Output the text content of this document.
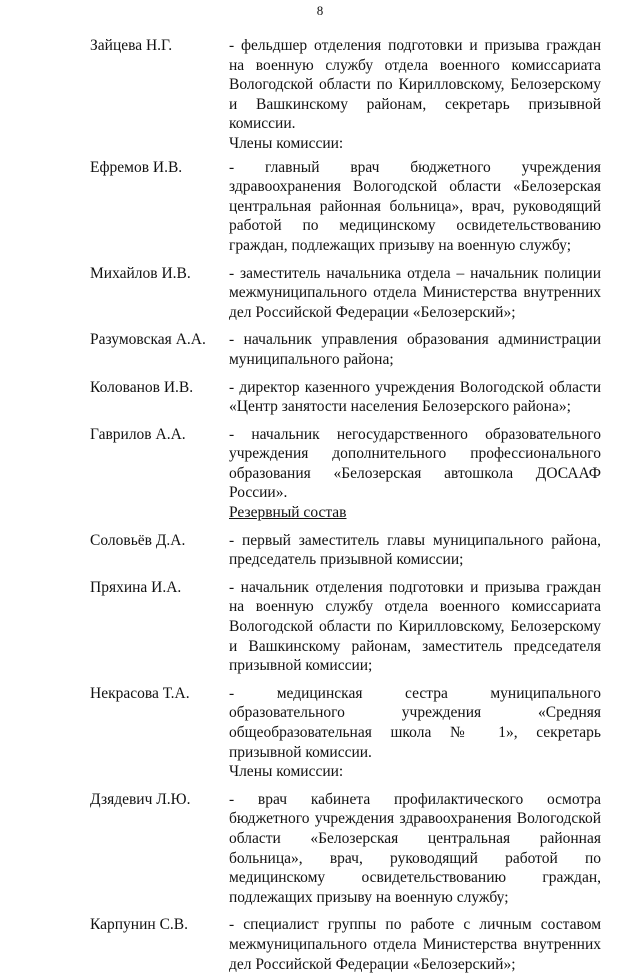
8
Зайцева Н.Г.	- фельдшер отделения подготовки и призыва граждан на военную службу отдела военного комиссариата Вологодской области по Кирилловскому, Белозерскому и Вашкинскому районам, секретарь призывной комиссии.
Члены комиссии:
Ефремов И.В.	- главный врач бюджетного учреждения здравоохранения Вологодской области «Белозерская центральная районная больница», врач, руководящий работой по медицинскому освидетельствованию граждан, подлежащих призыву на военную службу;
Михайлов И.В. - заместитель начальника отдела – начальник полиции межмуниципального отдела Министерства внутренних дел Российской Федерации «Белозерский»;
Разумовская А.А. - начальник управления образования администрации муниципального района;
Колованов И.В. - директор казенного учреждения Вологодской области «Центр занятости населения Белозерского района»;
Гаврилов А.А.	- начальник негосударственного образовательного учреждения дополнительного профессионального образования «Белозерская автошкола ДОСААФ России».
Резервный состав
Соловьёв Д.А.	- первый заместитель главы муниципального района, председатель призывной комиссии;
Пряхина И.А.	- начальник отделения подготовки и призыва граждан на военную службу отдела военного комиссариата Вологодской области по Кирилловскому, Белозерскому и Вашкинскому районам, заместитель председателя призывной комиссии;
Некрасова Т.А.	- медицинская сестра муниципального образовательного учреждения «Средняя общеобразовательная школа № 1», секретарь призывной комиссии.
Члены комиссии:
Дзядевич Л.Ю. - врач кабинета профилактического осмотра бюджетного учреждения здравоохранения Вологодской области «Белозерская центральная районная больница», врач, руководящий работой по медицинскому освидетельствованию граждан, подлежащих призыву на военную службу;
Карпунин С.В.	- специалист группы по работе с личным составом межмуниципального отдела Министерства внутренних дел Российской Федерации «Белозерский»;
